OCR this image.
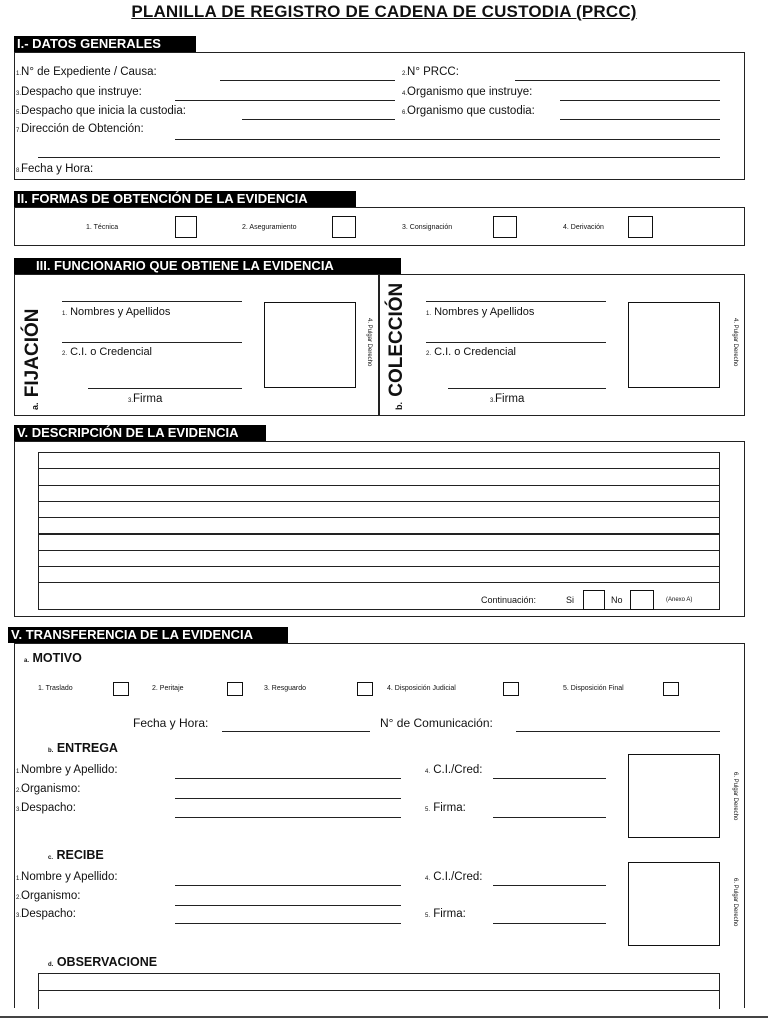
PLANILLA DE REGISTRO DE CADENA DE CUSTODIA (PRCC)
I.- DATOS GENERALES
1.N° de Expediente / Causa:	2.N° PRCC:
3.Despacho que instruye:	4.Organismo que instruye:
5.Despacho que inicia la custodia:	6.Organismo que custodia:
7.Dirección de Obtención:
8.Fecha y Hora:
II. FORMAS DE OBTENCIÓN DE LA EVIDENCIA
1. Técnica	2. Aseguramiento	3. Consignación	4. Derivación
III. FUNCIONARIO QUE OBTIENE LA EVIDENCIA
a. FIJACIÓN	1. Nombres y Apellidos
2. C.I. o Credencial
3.Firma
4. Pulgar Derecho
b. COLECCIÓN	1. Nombres y Apellidos
2. C.I. o Credencial
3.Firma
4. Pulgar Derecho
V. DESCRIPCIÓN DE LA EVIDENCIA
Continuación:	Si	No	(Anexo A)
V. TRANSFERENCIA DE LA EVIDENCIA
a. MOTIVO
1. Traslado	2. Peritaje	3. Resguardo	4. Disposición Judicial	5. Disposición Final
Fecha y Hora:	N° de Comunicación:
b. ENTREGA
1.Nombre y Apellido:
2.Organismo:
3.Despacho:
4. C.I./Cred:
5. Firma:	6. Pulgar Derecho
c. RECIBE
1.Nombre y Apellido:
2.Organismo:
3.Despacho:
4. C.I./Cred:
5. Firma:	6. Pulgar Derecho
d. OBSERVACIONE
